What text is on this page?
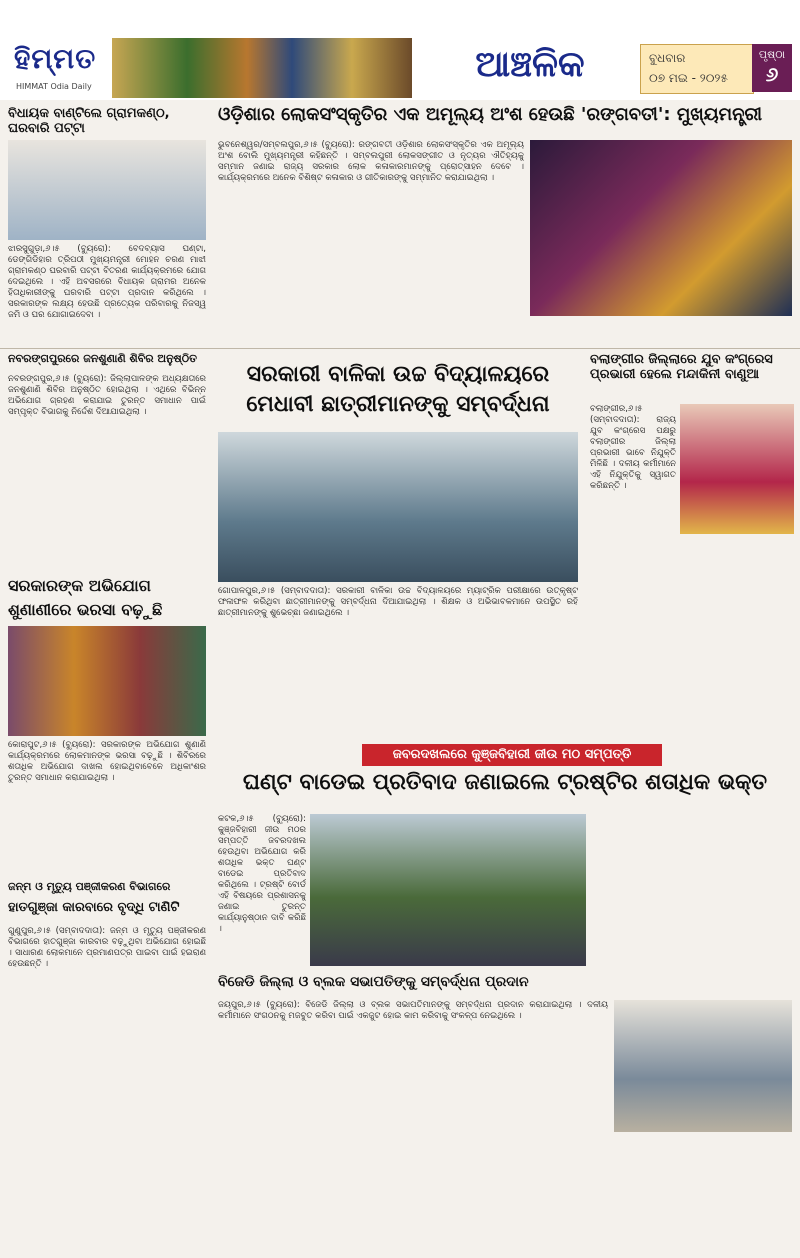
ହିମ୍ମତ
HIMMAT Odia Daily
ଆଞ୍ଚଳିକ	ବୁଧବାର
୦୭ ମଇ - ୨୦୨୫
ପୃଷ୍ଠା
୬
ବିଧାୟକ ବାଣ୍ଟିଲେ ଗ୍ରାମକଣ୍ଠ, ଘରବାରି ପଟ୍ଟା
ଝାରସୁଗୁଡ଼ା,୬।୫ (ବ୍ୟୁରୋ): ବେଦବ୍ୟାସ ଘଣ୍ଟା, ଡେଙ୍ଗିଡିହାର ତ୍ରିପଠୀ ମୁଖ୍ୟମନ୍ତ୍ରୀ ମୋହନ ଚରଣ ମାଝୀ ଗ୍ରାମକଣ୍ଠ ଘରବାରି ପଟ୍ଟା ବିତରଣ କାର୍ଯ୍ୟକ୍ରମରେ ଯୋଗ ଦେଇଥିଲେ । ଏହି ଅବସରରେ ବିଧାୟକ ଗ୍ରାମର ଅନେକ ହିତାଧିକାରୀଙ୍କୁ ଘରବାରି ପଟ୍ଟା ପ୍ରଦାନ କରିଥିଲେ । ସରକାରଙ୍କ ଲକ୍ଷ୍ୟ ହେଉଛି ପ୍ରତ୍ୟେକ ପରିବାରକୁ ନିଜସ୍ୱ ଜମି ଓ ଘର ଯୋଗାଇଦେବା ।
ଓଡ଼ିଶାର ଲୋକସଂସ୍କୃତିର ଏକ ଅମୂଲ୍ୟ ଅଂଶ ହେଉଛି 'ରଙ୍ଗବତୀ': ମୁଖ୍ୟମନ୍ତ୍ରୀ
ଭୁବନେଶ୍ୱର/ସମ୍ବଲପୁର,୬।୫ (ବ୍ୟୁରୋ): ରଙ୍ଗବତୀ ଓଡ଼ିଶାର ଲୋକସଂସ୍କୃତିର ଏକ ଅମୂଲ୍ୟ ଅଂଶ ବୋଲି ମୁଖ୍ୟମନ୍ତ୍ରୀ କହିଛନ୍ତି । ସମ୍ବଲପୁରୀ ଲୋକସଙ୍ଗୀତ ଓ ନୃତ୍ୟର ଐତିହ୍ୟକୁ ସମ୍ମାନ ଜଣାଇ ରାଜ୍ୟ ସରକାର ଲୋକ କଳାକାରମାନଙ୍କୁ ପ୍ରୋତ୍ସାହନ ଦେବେ । କାର୍ଯ୍ୟକ୍ରମରେ ଅନେକ ବିଶିଷ୍ଟ କଳାକାର ଓ ଗୀତିକାରଙ୍କୁ ସମ୍ମାନିତ କରାଯାଇଥିଲା ।
ନବରଙ୍ଗପୁରରେ ଜନଶୁଣାଣି ଶିବିର ଅନୁଷ୍ଠିତ
ନବରଙ୍ଗପୁର,୬।୫ (ବ୍ୟୁରୋ): ଜିଲ୍ଲାପାଳଙ୍କ ଅଧ୍ୟକ୍ଷତାରେ ଜନଶୁଣାଣି ଶିବିର ଅନୁଷ୍ଠିତ ହୋଇଥିଲା । ଏଥିରେ ବିଭିନ୍ନ ଅଭିଯୋଗ ଗ୍ରହଣ କରାଯାଇ ତୁରନ୍ତ ସମାଧାନ ପାଇଁ ସମ୍ପୃକ୍ତ ବିଭାଗକୁ ନିର୍ଦ୍ଦେଶ ଦିଆଯାଇଥିଲା ।
ସରକାରୀ ବାଳିକା ଉଚ୍ଚ ବିଦ୍ୟାଳୟରେ ମେଧାବୀ ଛାତ୍ରୀମାନଙ୍କୁ ସମ୍ବର୍ଦ୍ଧନା
ଗୋପାଳପୁର,୬।୫ (ସମ୍ବାଦଦାତା): ସରକାରୀ ବାଳିକା ଉଚ୍ଚ ବିଦ୍ୟାଳୟରେ ମ୍ୟାଟ୍ରିକ ପରୀକ୍ଷାରେ ଉତ୍କୃଷ୍ଟ ଫଳାଫଳ କରିଥିବା ଛାତ୍ରୀମାନଙ୍କୁ ସମ୍ବର୍ଦ୍ଧନା ଦିଆଯାଇଥିଲା । ଶିକ୍ଷକ ଓ ଅଭିଭାବକମାନେ ଉପସ୍ଥିତ ରହି ଛାତ୍ରୀମାନଙ୍କୁ ଶୁଭେଚ୍ଛା ଜଣାଇଥିଲେ ।
ବଲାଙ୍ଗୀର ଜିଲ୍ଲାରେ ଯୁବ କଂଗ୍ରେସ ପ୍ରଭାରୀ ହେଲେ ମନ୍ଦାକିନୀ ବାଣୁଆ
ବଲାଙ୍ଗୀର,୬।୫ (ସମ୍ବାଦଦାତା): ରାଜ୍ୟ ଯୁବ କଂଗ୍ରେସ ପକ୍ଷରୁ ବଲାଙ୍ଗୀର ଜିଲ୍ଲା ପ୍ରଭାରୀ ଭାବେ ନିଯୁକ୍ତି ମିଳିଛି । ଦଳୀୟ କର୍ମୀମାନେ ଏହି ନିଯୁକ୍ତିକୁ ସ୍ୱାଗତ କରିଛନ୍ତି ।
ସରକାରଙ୍କ ଅଭିଯୋଗ
ଶୁଣାଣୀରେ ଭରସା ବଢ଼ୁଛି
କୋରାପୁଟ,୬।୫ (ବ୍ୟୁରୋ): ସରକାରଙ୍କ ଅଭିଯୋଗ ଶୁଣାଣି କାର୍ଯ୍ୟକ୍ରମରେ ଲୋକମାନଙ୍କ ଭରସା ବଢ଼ୁଛି । ଶିବିରରେ ଶତାଧିକ ଅଭିଯୋଗ ଦାଖଲ ହୋଇଥିବାବେଳେ ଅଧିକାଂଶର ତୁରନ୍ତ ସମାଧାନ କରାଯାଇଥିଲା ।
ଜନ୍ମ ଓ ମୃତ୍ୟୁ ପଞ୍ଜୀକରଣ ବିଭାଗରେ
ହାତଗୁଞ୍ଜା କାରବାରେ ବୃଦ୍ଧି ଟାଣିଟି
ଗୁଣୁପୁର,୬।୫ (ସମ୍ବାଦଦାତା): ଜନ୍ମ ଓ ମୃତ୍ୟୁ ପଞ୍ଜୀକରଣ ବିଭାଗରେ ହାତଗୁଞ୍ଜା କାରବାର ବଢ଼ୁଥିବା ଅଭିଯୋଗ ହୋଇଛି । ସାଧାରଣ ଲୋକମାନେ ପ୍ରମାଣପତ୍ର ପାଇବା ପାଇଁ ହଇରାଣ ହେଉଛନ୍ତି ।
ଜବରଦଖଲରେ କୁଞ୍ଜବିହାରୀ ଜୀଉ ମଠ ସମ୍ପତ୍ତି
ଘଣ୍ଟ ବାଡେଇ ପ୍ରତିବାଦ ଜଣାଇଲେ ଟ୍ରଷ୍ଟିର ଶତାଧିକ ଭକ୍ତ
କଟକ,୬।୫ (ବ୍ୟୁରୋ): କୁଞ୍ଜବିହାରୀ ଜୀଉ ମଠର ସମ୍ପତ୍ତି ଜବରଦଖଲ ହେଉଥିବା ଅଭିଯୋଗ କରି ଶତାଧିକ ଭକ୍ତ ଘଣ୍ଟ ବାଡେଇ ପ୍ରତିବାଦ କରିଥିଲେ । ଟ୍ରଷ୍ଟି ବୋର୍ଡ ଏହି ବିଷୟରେ ପ୍ରଶାସନକୁ ଜଣାଇ ତୁରନ୍ତ କାର୍ଯ୍ୟାନୁଷ୍ଠାନ ଦାବି କରିଛି ।
ବିଜେଡି ଜିଲ୍ଲା ଓ ବ୍ଲକ ସଭାପତିଙ୍କୁ ସମ୍ବର୍ଦ୍ଧନା ପ୍ରଦାନ
ଜୟପୁର,୬।୫ (ବ୍ୟୁରୋ): ବିଜେଡି ଜିଲ୍ଲା ଓ ବ୍ଲକ ସଭାପତିମାନଙ୍କୁ ସମ୍ବର୍ଦ୍ଧନା ପ୍ରଦାନ କରାଯାଇଥିଲା । ଦଳୀୟ କର୍ମୀମାନେ ସଂଗଠନକୁ ମଜବୁତ କରିବା ପାଇଁ ଏକଜୁଟ ହୋଇ କାମ କରିବାକୁ ସଂକଳ୍ପ ନେଇଥିଲେ ।
